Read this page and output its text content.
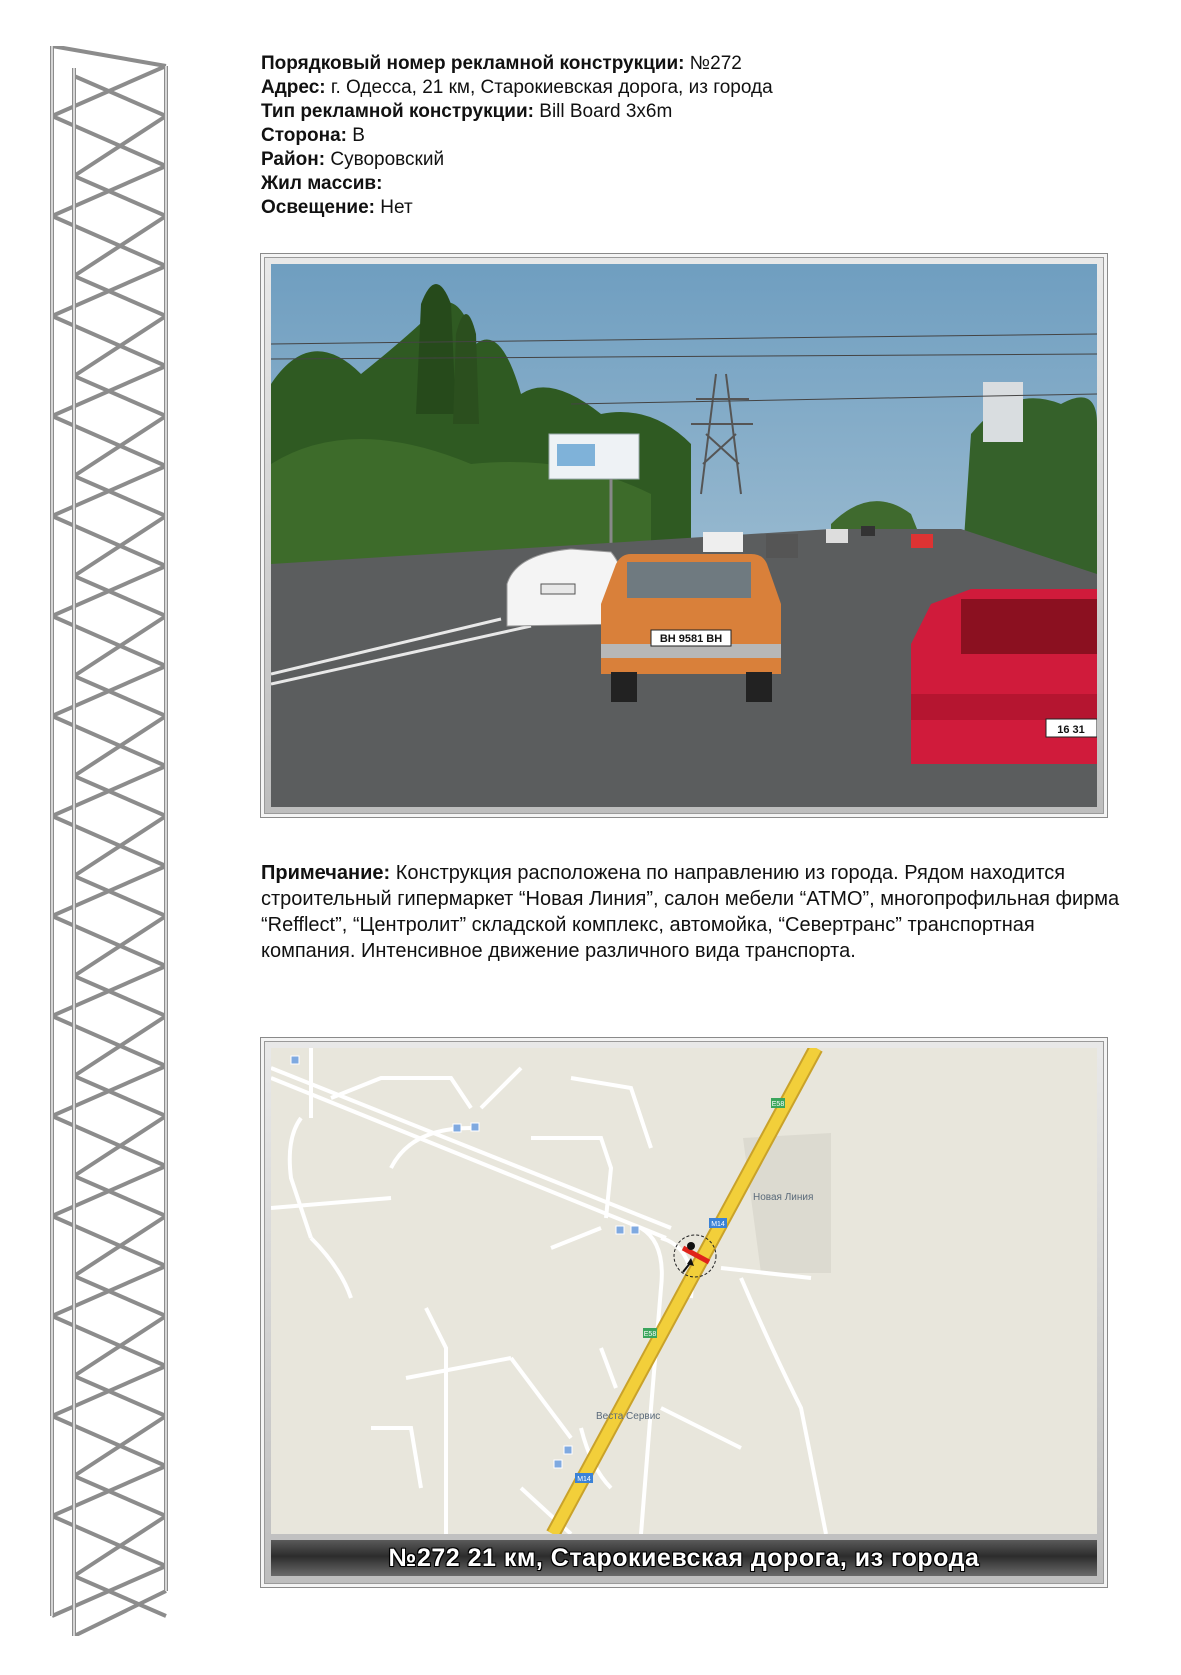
Порядковый номер рекламной конструкции: №272
Адрес: г. Одесса, 21 км, Старокиевская дорога, из города
Тип рекламной конструкции: Bill Board 3x6m
Сторона: В
Район: Суворовский
Жил массив:
Освещение: Нет
ВН 9581 ВН
16 31
Примечание: Конструкция расположена по направлению из города. Рядом находится строительный гипермаркет “Новая Линия”, салон мебели “АТМО”, многопрофильная фирма “Refflect”, “Центролит” складской комплекс, автомойка, “Севертранс” транспортная компания. Интенсивное движение различного вида транспорта.
E58
M14
E58
M14
Новая Линия
Веста Сервис
№272 21 км, Старокиевская дорога, из города
